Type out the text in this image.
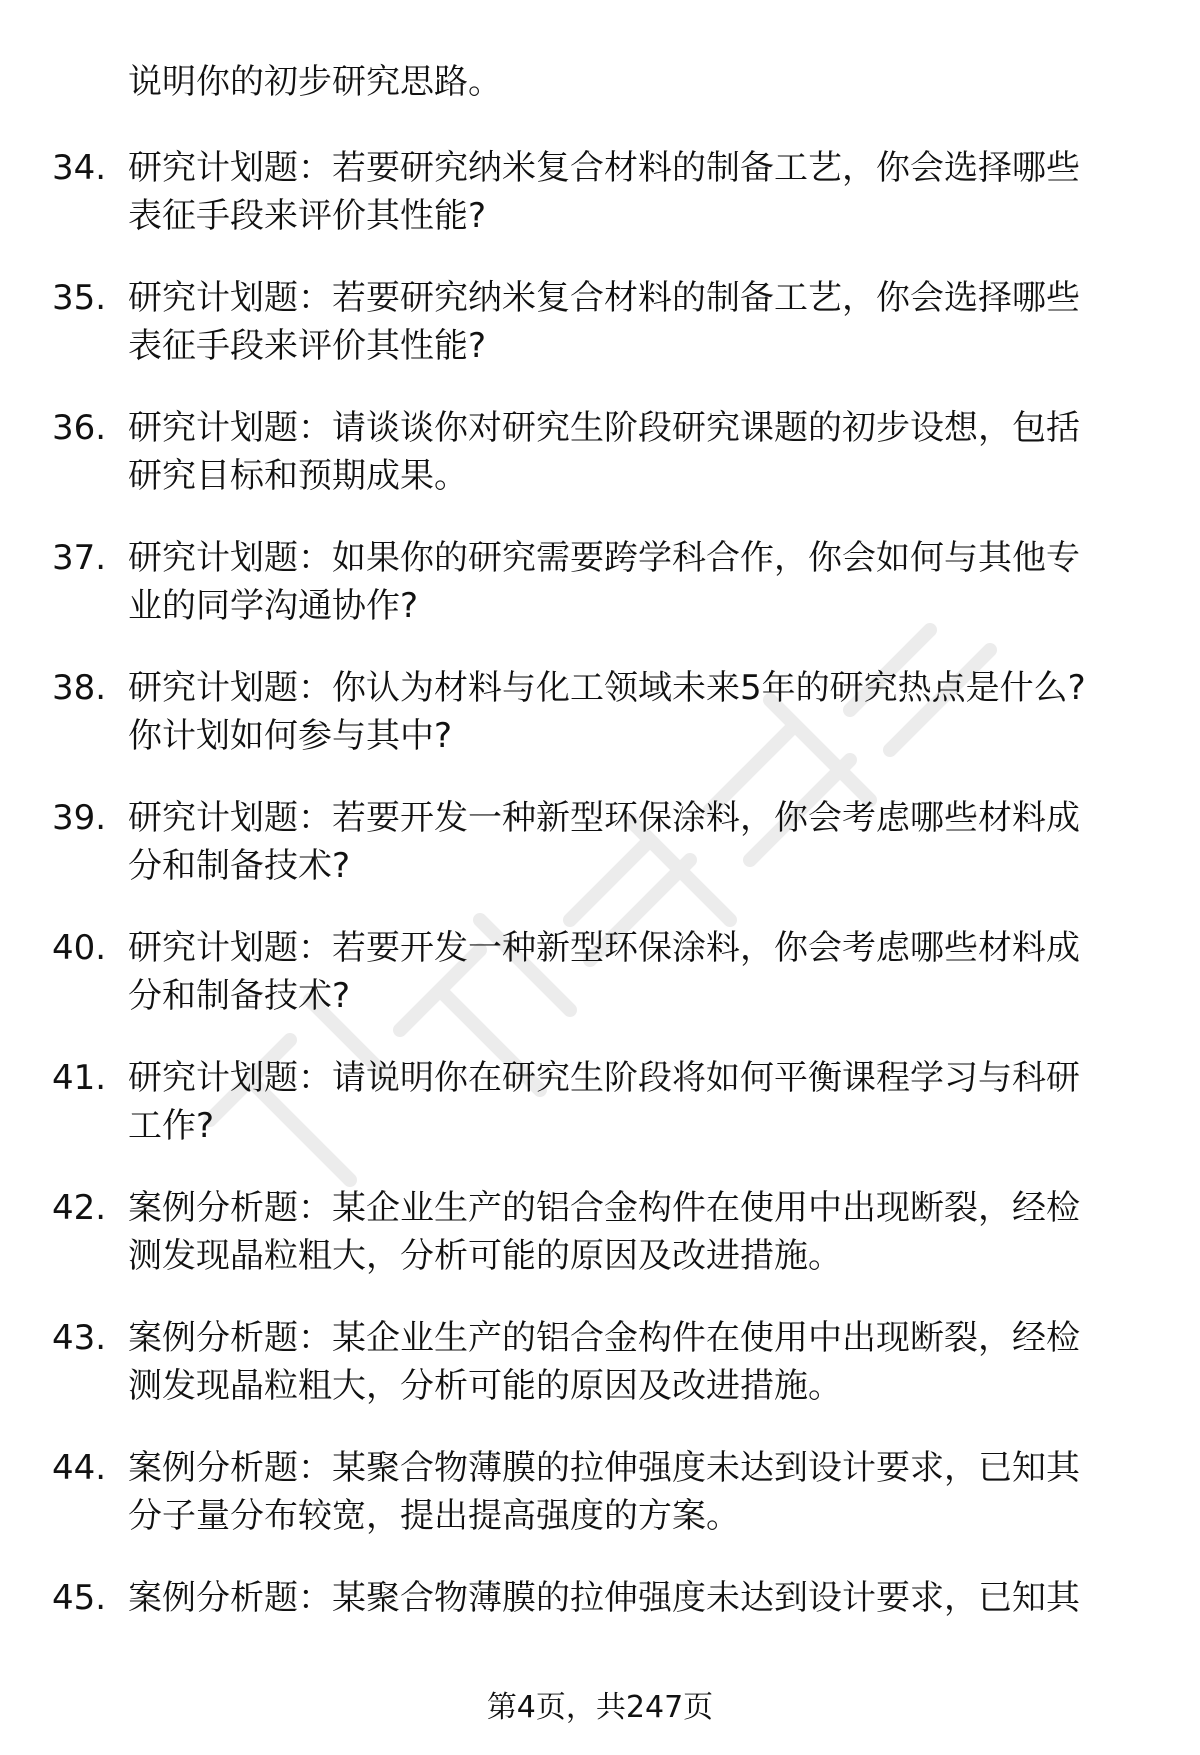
说明你的初步研究思路。
34. 研究计划题：若要研究纳米复合材料的制备工艺，你会选择哪些
表征手段来评价其性能?
35. 研究计划题：若要研究纳米复合材料的制备工艺，你会选择哪些
表征手段来评价其性能?
36. 研究计划题：请谈谈你对研究生阶段研究课题的初步设想，包括
研究目标和预期成果。
37. 研究计划题：如果你的研究需要跨学科合作，你会如何与其他专
业的同学沟通协作?
38. 研究计划题：你认为材料与化工领域未来5年的研究热点是什么?
你计划如何参与其中?
39. 研究计划题：若要开发一种新型环保涂料，你会考虑哪些材料成
分和制备技术?
40. 研究计划题：若要开发一种新型环保涂料，你会考虑哪些材料成
分和制备技术?
41. 研究计划题：请说明你在研究生阶段将如何平衡课程学习与科研
工作?
42. 案例分析题：某企业生产的铝合金构件在使用中出现断裂，经检
测发现晶粒粗大，分析可能的原因及改进措施。
43. 案例分析题：某企业生产的铝合金构件在使用中出现断裂，经检
测发现晶粒粗大，分析可能的原因及改进措施。
44. 案例分析题：某聚合物薄膜的拉伸强度未达到设计要求，已知其
分子量分布较宽，提出提高强度的方案。
45. 案例分析题：某聚合物薄膜的拉伸强度未达到设计要求，已知其
第4页，共247页
